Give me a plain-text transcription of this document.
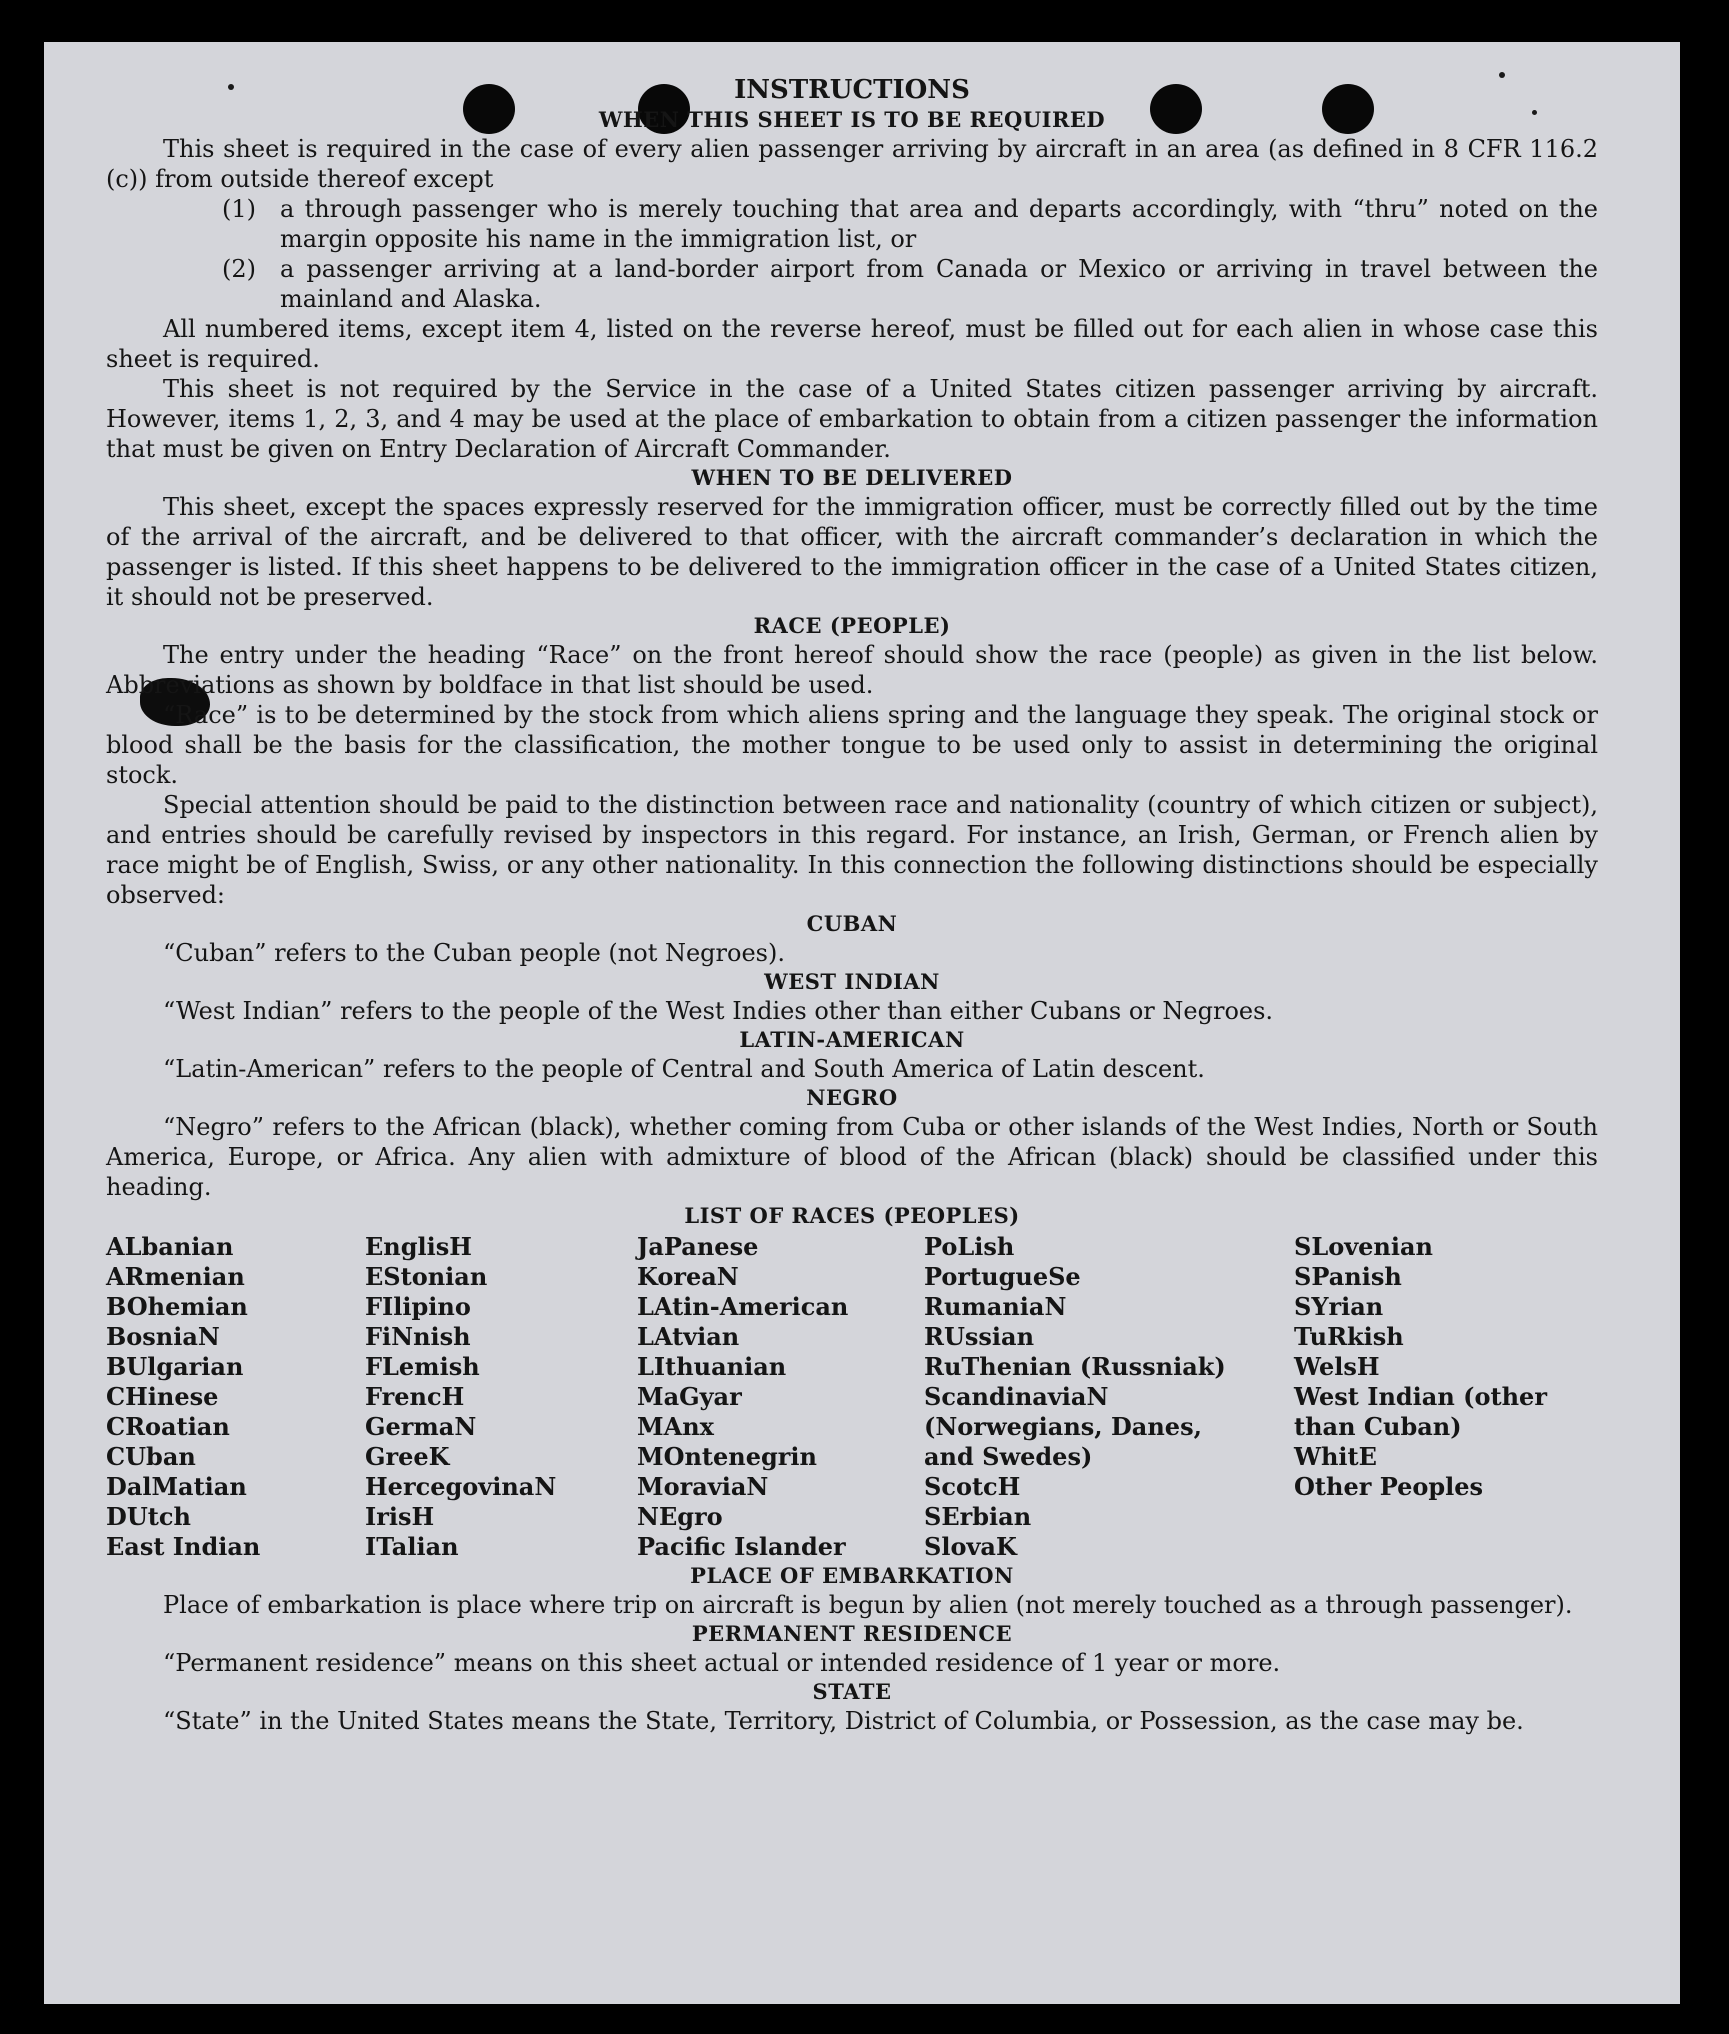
INSTRUCTIONS
WHEN THIS SHEET IS TO BE REQUIRED

This sheet is required in the case of every alien passenger arriving by aircraft in an area (as defined in 8 CFR 116.2 (c)) from outside thereof except

(1)	a through passenger who is merely touching that area and departs accordingly, with “thru” noted on the margin opposite his name in the immigration list, or
(2)	a passenger arriving at a land-border airport from Canada or Mexico or arriving in travel between the mainland and Alaska.

All numbered items, except item 4, listed on the reverse hereof, must be filled out for each alien in whose case this sheet is required.

This sheet is not required by the Service in the case of a United States citizen passenger arriving by aircraft. However, items 1, 2, 3, and 4 may be used at the place of embarkation to obtain from a citizen passenger the information that must be given on Entry Declaration of Aircraft Commander.

WHEN TO BE DELIVERED

This sheet, except the spaces expressly reserved for the immigration officer, must be correctly filled out by the time of the arrival of the aircraft, and be delivered to that officer, with the aircraft commander’s declaration in which the passenger is listed. If this sheet happens to be delivered to the immigration officer in the case of a United States citizen, it should not be preserved.

RACE (PEOPLE)

The entry under the heading “Race” on the front hereof should show the race (people) as given in the list below. Abbreviations as shown by boldface in that list should be used.

“Race” is to be determined by the stock from which aliens spring and the language they speak. The original stock or blood shall be the basis for the classification, the mother tongue to be used only to assist in determining the original stock.

Special attention should be paid to the distinction between race and nationality (country of which citizen or subject), and entries should be carefully revised by inspectors in this regard. For instance, an Irish, German, or French alien by race might be of English, Swiss, or any other nationality. In this connection the following distinctions should be especially observed:

CUBAN

“Cuban” refers to the Cuban people (not Negroes).

WEST INDIAN

“West Indian” refers to the people of the West Indies other than either Cubans or Negroes.

LATIN-AMERICAN

“Latin-American” refers to the people of Central and South America of Latin descent.

NEGRO

“Negro” refers to the African (black), whether coming from Cuba or other islands of the West Indies, North or South America, Europe, or Africa. Any alien with admixture of blood of the African (black) should be classified under this heading.

LIST OF RACES (PEOPLES)
ALbanian
ARmenian
BOhemian
BosniaN
BUlgarian
CHinese
CRoatian
CUban
DalMatian
DUtch
East Indian
EnglisH
EStonian
FIlipino
FiNnish
FLemish
FrencH
GermaN
GreeK
HercegovinaN
IrisH
ITalian
JaPanese
KoreaN
LAtin-American
LAtvian
LIthuanian
MaGyar
MAnx
MOntenegrin
MoraviaN
NEgro
Pacific Islander
PoLish
PortugueSe
RumaniaN
RUssian
RuThenian (Russniak)
ScandinaviaN (Norwegians, Danes, and Swedes)
ScotcH
SErbian
SlovaK
SLovenian
SPanish
SYrian
TuRkish
WelsH
West Indian (other than Cuban)
WhitE
Other Peoples
PLACE OF EMBARKATION

Place of embarkation is place where trip on aircraft is begun by alien (not merely touched as a through passenger).

PERMANENT RESIDENCE

“Permanent residence” means on this sheet actual or intended residence of 1 year or more.

STATE

“State” in the United States means the State, Territory, District of Columbia, or Possession, as the case may be.
